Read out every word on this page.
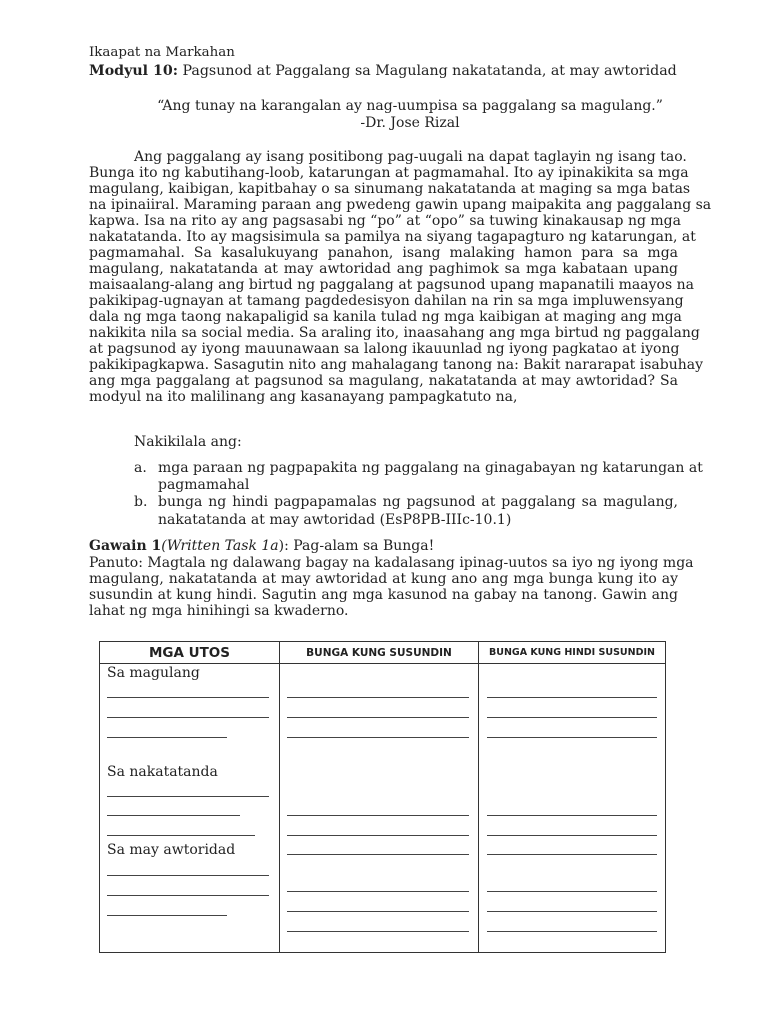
Ikaapat na Markahan
Modyul 10: Pagsunod at Paggalang sa Magulang nakatatanda, at may awtoridad
“Ang tunay na karangalan ay nag-uumpisa sa paggalang sa magulang.”
-Dr. Jose Rizal
Ang paggalang ay isang positibong pag-uugali na dapat taglayin ng isang tao.
Bunga ito ng kabutihang-loob, katarungan at pagmamahal. Ito ay ipinakikita sa mga
magulang, kaibigan, kapitbahay o sa sinumang nakatatanda at maging sa mga batas
na ipinaiiral. Maraming paraan ang pwedeng gawin upang maipakita ang paggalang sa
kapwa. Isa na rito ay ang pagsasabi ng “po” at “opo” sa tuwing kinakausap ng mga
nakatatanda. Ito ay magsisimula sa pamilya na siyang tagapagturo ng katarungan, at
pagmamahal. Sa kasalukuyang panahon, isang malaking hamon para sa mga
magulang, nakatatanda at may awtoridad ang paghimok sa mga kabataan upang
maisaalang-alang ang birtud ng paggalang at pagsunod upang mapanatili maayos na
pakikipag-ugnayan at tamang pagdedesisyon dahilan na rin sa mga impluwensyang
dala ng mga taong nakapaligid sa kanila tulad ng mga kaibigan at maging ang mga
nakikita nila sa social media. Sa araling ito, inaasahang ang mga birtud ng paggalang
at pagsunod ay iyong mauunawaan sa lalong ikauunlad ng iyong pagkatao at iyong
pakikipagkapwa. Sasagutin nito ang mahalagang tanong na: Bakit nararapat isabuhay
ang mga paggalang at pagsunod sa magulang, nakatatanda at may awtoridad? Sa
modyul na ito malilinang ang kasanayang pampagkatuto na,
Nakikilala ang:
a. mga paraan ng pagpapakita ng paggalang na ginagabayan ng katarungan at
pagmamahal
b. bunga ng hindi pagpapamalas ng pagsunod at paggalang sa magulang,
nakatatanda at may awtoridad (EsP8PB-IIIc-10.1)
Gawain 1(Written Task 1a): Pag-alam sa Bunga!
Panuto: Magtala ng dalawang bagay na kadalasang ipinag-uutos sa iyo ng iyong mga
magulang, nakatatanda at may awtoridad at kung ano ang mga bunga kung ito ay
susundin at kung hindi. Sagutin ang mga kasunod na gabay na tanong. Gawin ang
lahat ng mga hinihingi sa kwaderno.
MGA UTOS	BUNGA KUNG SUSUNDIN	BUNGA KUNG HINDI SUSUNDIN
Sa magulang
Sa nakatatanda
Sa may awtoridad
